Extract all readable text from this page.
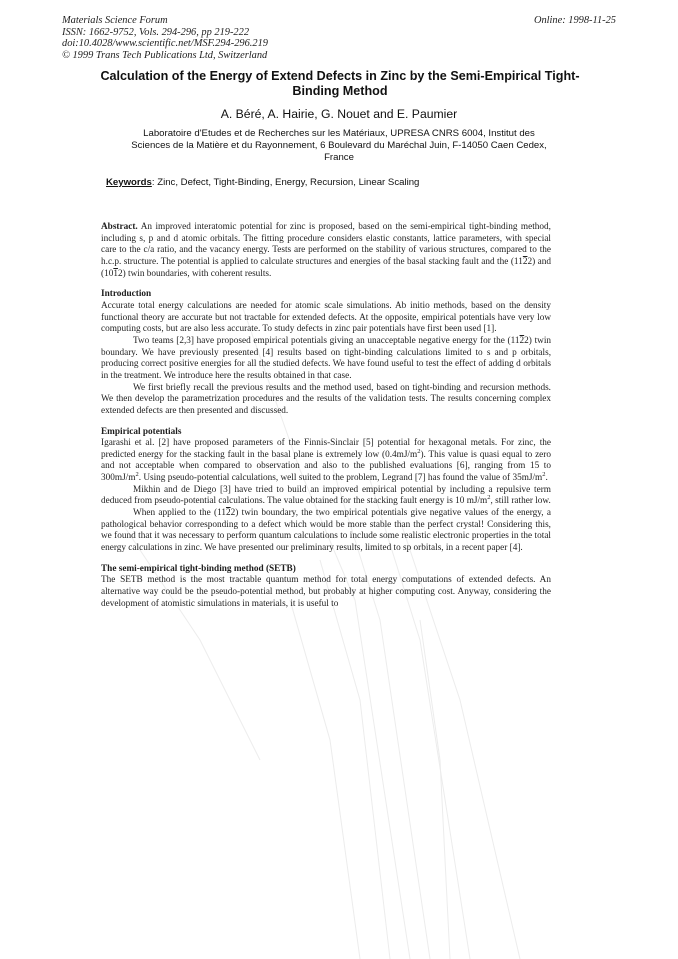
Materials Science Forum
ISSN: 1662-9752, Vols. 294-296, pp 219-222
doi:10.4028/www.scientific.net/MSF.294-296.219
© 1999 Trans Tech Publications Ltd, Switzerland
Online: 1998-11-25
Calculation of the Energy of Extend Defects in Zinc by the Semi-Empirical Tight-Binding Method
A. Béré, A. Hairie, G. Nouet and E. Paumier
Laboratoire d'Etudes et de Recherches sur les Matériaux, UPRESA CNRS 6004, Institut des
Sciences de la Matière et du Rayonnement, 6 Boulevard du Maréchal Juin, F-14050 Caen Cedex,
France
Keywords: Zinc, Defect, Tight-Binding, Energy, Recursion, Linear Scaling

Abstract. An improved interatomic potential for zinc is proposed, based on the semi-empirical tight-binding method, including s, p and d atomic orbitals. The fitting procedure considers elastic constants, lattice parameters, with special care to the c/a ratio, and the vacancy energy. Tests are performed on the stability of various structures, compared to the h.c.p. structure. The potential is applied to calculate structures and energies of the basal stacking fault and the (1122) and (1012) twin boundaries, with coherent results.

Introduction

Accurate total energy calculations are needed for atomic scale simulations. Ab initio methods, based on the density functional theory are accurate but not tractable for extended defects. At the opposite, empirical potentials have very low computing costs, but are also less accurate. To study defects in zinc pair potentials have first been used [1].

Two teams [2,3] have proposed empirical potentials giving an unacceptable negative energy for the (1122) twin boundary. We have previously presented [4] results based on tight-binding calculations limited to s and p orbitals, producing correct positive energies for all the studied defects. We have found useful to test the effect of adding d orbitals in the treatment. We introduce here the results obtained in that case.

We first briefly recall the previous results and the method used, based on tight-binding and recursion methods. We then develop the parametrization procedures and the results of the validation tests. The results concerning complex extended defects are then presented and discussed.

Empirical potentials

Igarashi et al. [2] have proposed parameters of the Finnis-Sinclair [5] potential for hexagonal metals. For zinc, the predicted energy for the stacking fault in the basal plane is extremely low $(0.4mJ/m^2)$. This value is quasi equal to zero and not acceptable when compared to observation and also to the published evaluations [6], ranging from 15 to $300mJ/m^2$. Using pseudo-potential calculations, well suited to the problem, Legrand [7] has found the value of $35mJ/m^2$.

Mikhin and de Diego [3] have tried to build an improved empirical potential by including a repulsive term deduced from pseudo-potential calculations. The value obtained for the stacking fault energy is 10 $mJ/m^2$, still rather low.

When applied to the (1122) twin boundary, the two empirical potentials give negative values of the energy, a pathological behavior corresponding to a defect which would be more stable than the perfect crystal! Considering this, we found that it was necessary to perform quantum calculations to include some realistic electronic properties in the total energy calculations in zinc. We have presented our preliminary results, limited to sp orbitals, in a recent paper [4].

The semi-empirical tight-binding method (SETB)

The SETB method is the most tractable quantum method for total energy computations of extended defects. An alternative way could be the pseudo-potential method, but probably at higher computing cost. Anyway, considering the development of atomistic simulations in materials, it is useful to
